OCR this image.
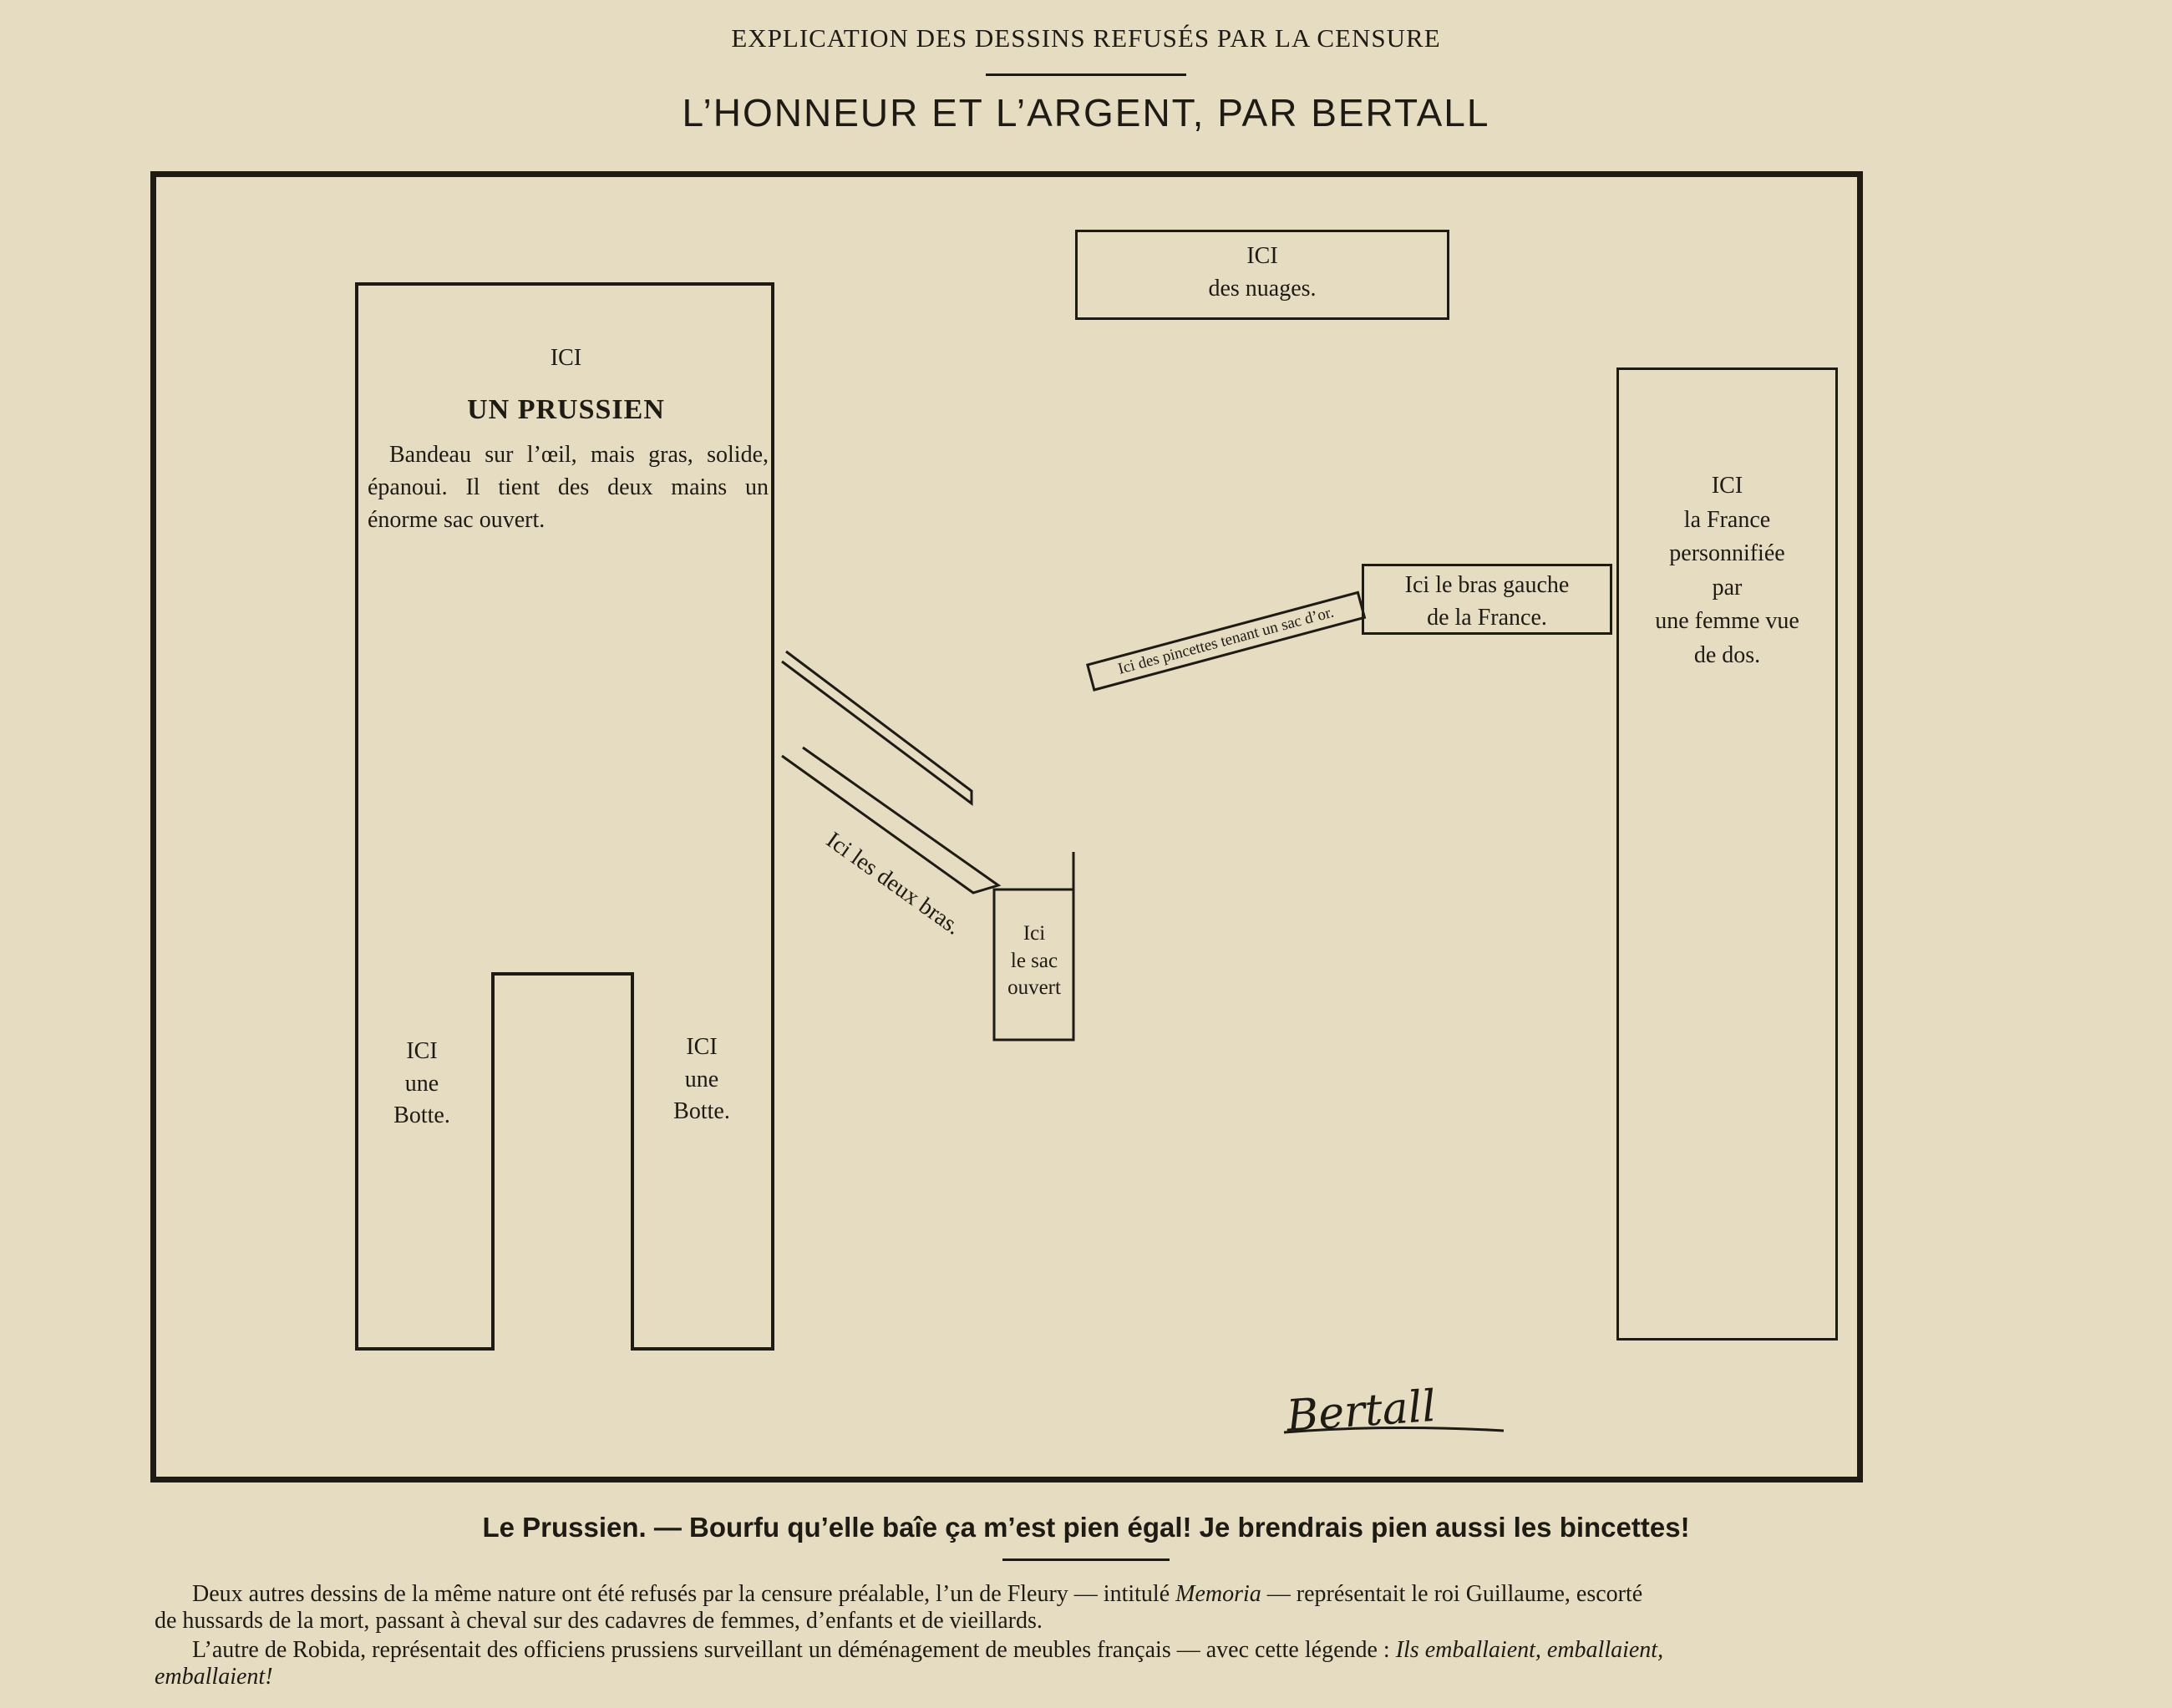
EXPLICATION DES DESSINS REFUSÉS PAR LA CENSURE
L’HONNEUR ET L’ARGENT, PAR BERTALL
ICI
UN PRUSSIEN
Bandeau sur l’œil, mais gras, solide, épanoui. Il tient des deux mains un énorme sac ouvert.
ICI
une
Botte.
ICI
une
Botte.
ICI
des nuages.
Ici les deux bras.	Ici
le sac
ouvert
Ici des pincettes tenant un sac d’or.
Ici le bras gauche
de la France.
ICI
la France
personnifiée
par
une femme vue
de dos.
Bertall
Le Prussien. — Bourfu qu’elle baîe ça m’est pien égal! Je brendrais pien aussi les bincettes!
Deux autres dessins de la même nature ont été refusés par la censure préalable, l’un de Fleury — intitulé Memoria — représentait le roi Guillaume, escorté
de hussards de la mort, passant à cheval sur des cadavres de femmes, d’enfants et de vieillards.
L’autre de Robida, représentait des officiens prussiens surveillant un déménagement de meubles français — avec cette légende : Ils emballaient, emballaient,
emballaient!
